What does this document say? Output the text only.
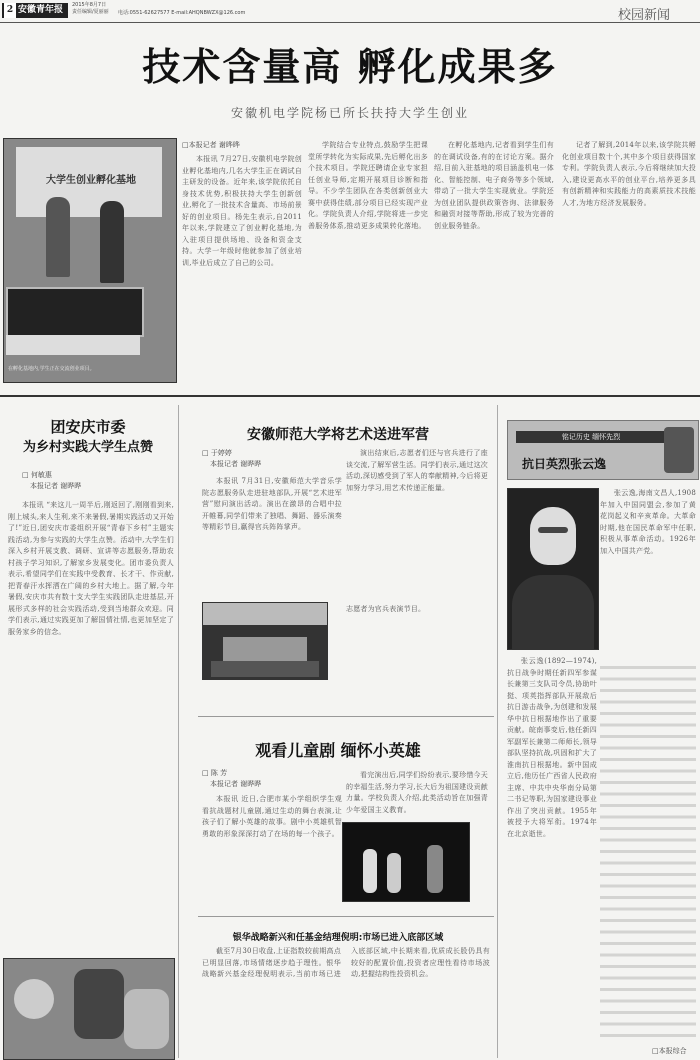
2 安徽青年报	2015年8月7日
责任编辑/夏丽丽 电话:0551-62627577 E-mail:AHQNBWZX@126.com	校园新闻
技术含量高 孵化成果多
安徽机电学院杨已所长扶持大学生创业
大学生创业孵化基地
在孵化基地内,学生正在交流创业项目。
□本报记者 谢晔晔

本报讯 7月27日,安徽机电学院创业孵化基地内,几名大学生正在调试自主研发的设备。近年来,该学院依托自身技术优势,积极扶持大学生创新创业,孵化了一批技术含量高、市场前景好的创业项目。杨先生表示,自2011年以来,学院建立了创业孵化基地,为入驻项目提供场地、设备和资金支持。大学一年级时他就参加了创业培训,毕业后成立了自己的公司。

学院结合专业特点,鼓励学生把课堂所学转化为实际成果,先后孵化出多个技术项目。学院还聘请企业专家担任创业导师,定期开展项目诊断和指导。不少学生团队在各类创新创业大赛中获得佳绩,部分项目已经实现产业化。学院负责人介绍,学院将进一步完善服务体系,推动更多成果转化落地。

在孵化基地内,记者看到学生们有的在调试设备,有的在讨论方案。据介绍,目前入驻基地的项目涵盖机电一体化、智能控制、电子商务等多个领域,带动了一批大学生实现就业。学院还为创业团队提供政策咨询、法律服务和融资对接等帮助,形成了较为完善的创业服务链条。

记者了解到,2014年以来,该学院共孵化创业项目数十个,其中多个项目获得国家专利。学院负责人表示,今后将继续加大投入,建设更高水平的创业平台,培养更多具有创新精神和实践能力的高素质技术技能人才,为地方经济发展服务。

团安庆市委
为乡村实践大学生点赞
□ 何敏惠
本报记者 谢晔晔

本报讯 “来这儿一周半后,刚返回了,刚刚看到来,刚上城头,来人生利,来不来暑假,暑期实践活动又开始了!”近日,团安庆市委组织开展“青春下乡村”主题实践活动,为参与实践的大学生点赞。活动中,大学生们深入乡村开展支教、调研、宣讲等志愿服务,帮助农村孩子学习知识,了解家乡发展变化。团市委负责人表示,希望同学们在实践中受教育、长才干、作贡献,把青春汗水挥洒在广阔的乡村大地上。据了解,今年暑假,安庆市共有数十支大学生实践团队走进基层,开展形式多样的社会实践活动,受到当地群众欢迎。同学们表示,通过实践更加了解国情社情,也更加坚定了服务家乡的信念。

安徽师范大学将艺术送进军营
□ 于婷婷
本报记者 谢晔晔

本报讯 7月31日,安徽师范大学音乐学院志愿服务队走进驻地部队,开展“艺术进军营”慰问演出活动。演出在激昂的合唱中拉开帷幕,同学们带来了独唱、舞蹈、器乐演奏等精彩节目,赢得官兵阵阵掌声。

演出结束后,志愿者们还与官兵进行了座谈交流,了解军营生活。同学们表示,通过这次活动,深切感受到了军人的奉献精神,今后将更加努力学习,用艺术传递正能量。

志愿者为官兵表演节目。

观看儿童剧 缅怀小英雄
□ 陈 芳
本报记者 谢晔晔

本报讯 近日,合肥市某小学组织学生观看抗战题材儿童剧,通过生动的舞台表演,让孩子们了解小英雄的故事。剧中小英雄机智勇敢的形象深深打动了在场的每一个孩子。

看完演出后,同学们纷纷表示,要珍惜今天的幸福生活,努力学习,长大后为祖国建设贡献力量。学校负责人介绍,此类活动旨在加强青少年爱国主义教育。

银华战略新兴和任基金结理倪明:市场已进入底部区域

截至7月30日收盘,上证指数较前期高点已明显回落,市场情绪逐步趋于理性。银华战略新兴基金经理倪明表示,当前市场已进入底部区域,中长期来看,优质成长股仍具有较好的配置价值,投资者应理性看待市场波动,把握结构性投资机会。

铭记历史 缅怀先烈
抗日英烈张云逸

张云逸,海南文昌人,1908年加入中国同盟会,参加了黄花岗起义和辛亥革命。大革命时期,他在国民革命军中任职,积极从事革命活动。1926年加入中国共产党。

张云逸(1892—1974),抗日战争时期任新四军参谋长兼第三支队司令员,协助叶挺、项英指挥部队开展敌后抗日游击战争,为创建和发展华中抗日根据地作出了重要贡献。皖南事变后,他任新四军副军长兼第二师师长,领导部队坚持抗战,巩固和扩大了淮南抗日根据地。新中国成立后,他历任广西省人民政府主席、中共中央华南分局第二书记等职,为国家建设事业作出了突出贡献。1955年被授予大将军衔。1974年在北京逝世。

□本报综合
